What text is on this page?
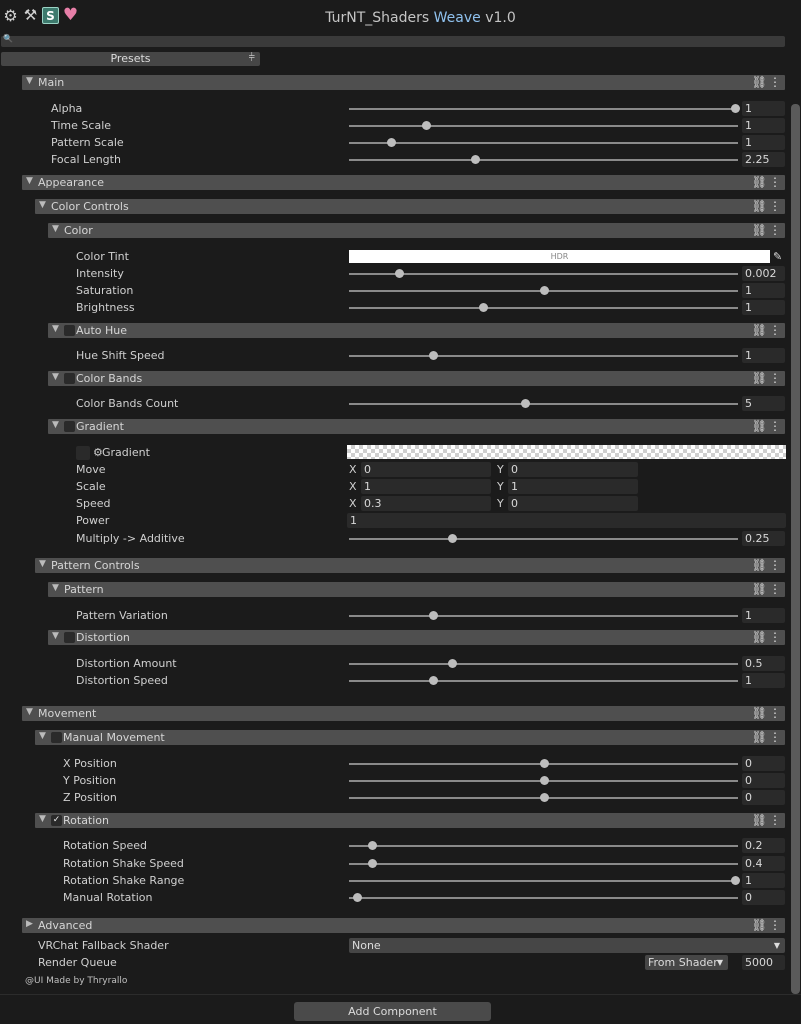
⚙ ⚒ S ♥	TurNT_Shaders Weave v1.0
🔍
Presets	⫩
▼ Main	⛓ ⋮
Alpha	1
Time Scale	1
Pattern Scale	1
Focal Length	2.25
▼ Appearance	⛓ ⋮
▼ Color Controls	⛓ ⋮
▼ Color	⛓ ⋮
Color Tint	HDR	✎
Intensity	0.002
Saturation	1
Brightness	1
▼ Auto Hue	⛓ ⋮
Hue Shift Speed	1
▼ Color Bands	⛓ ⋮
Color Bands Count	5
▼ Gradient	⛓ ⋮
⚙ Gradient
Move	X 0	Y 0
Scale	X 1	Y 1
Speed	X 0.3	Y 0
Power	1
Multiply -> Additive	0.25
▼ Pattern Controls	⛓ ⋮
▼ Pattern	⛓ ⋮
Pattern Variation	1
▼ Distortion	⛓ ⋮
Distortion Amount	0.5
Distortion Speed	1
▼ Movement	⛓ ⋮
▼ Manual Movement	⛓ ⋮
X Position	0
Y Position	0
Z Position	0
▼ ✓ Rotation	⛓ ⋮
Rotation Speed	0.2
Rotation Shake Speed	0.4
Rotation Shake Range	1
Manual Rotation	0
▶ Advanced	⛓ ⋮
VRChat Fallback Shader	None	▼
Render Queue	From Shader ▼ 5000
@UI Made by Thryrallo
Add Component
